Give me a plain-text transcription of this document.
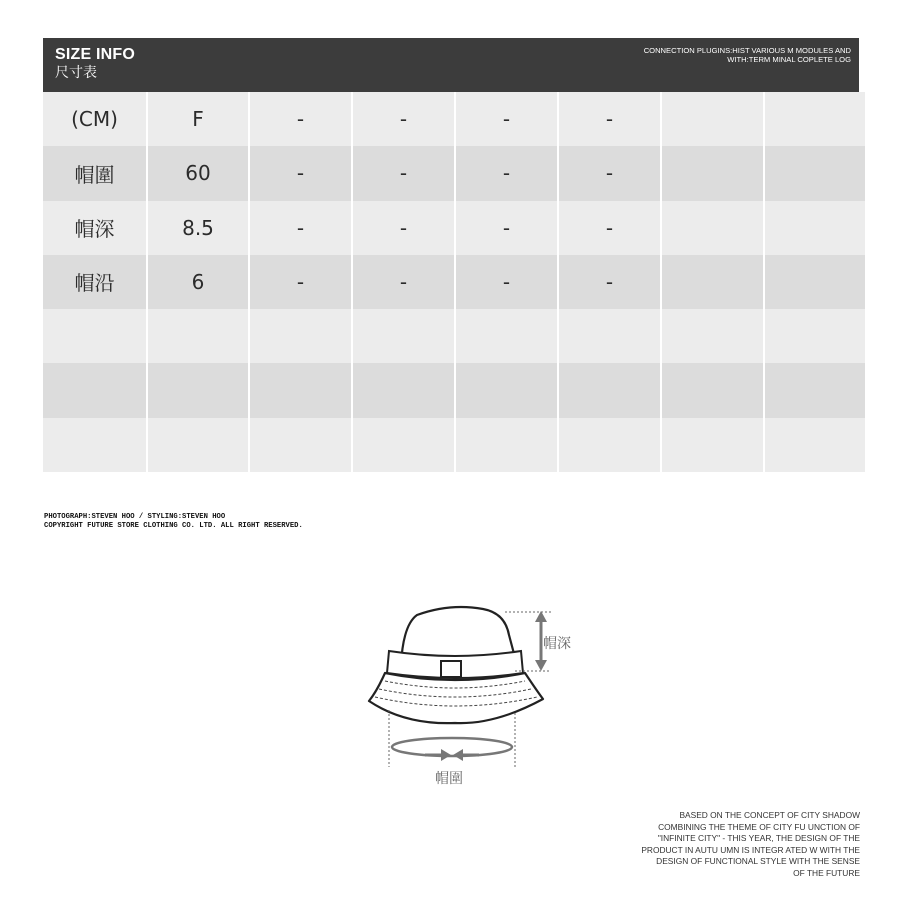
SIZE INFO
尺寸表
CONNECTION PLUGINS:HIST VARIOUS M MODULES AND
WITH:TERM MINAL COPLETE LOG
(CM)	F	-	-	-	-
帽圍	60	-	-	-	-
帽深	8.5	-	-	-	-
帽沿	6	-	-	-	-
PHOTOGRAPH:STEVEN HOO / STYLING:STEVEN HOO
COPYRIGHT FUTURE STORE CLOTHING CO. LTD. ALL RIGHT RESERVED.
帽深
帽圍
BASED ON THE CONCEPT OF CITY SHADOW
COMBINING THE THEME OF CITY FU UNCTION OF
"INFINITE CITY" - THIS YEAR, THE DESIGN OF THE
PRODUCT IN AUTU UMN IS INTEGR ATED W WITH THE
DESIGN OF FUNCTIONAL STYLE WITH THE SENSE
OF THE FUTURE
